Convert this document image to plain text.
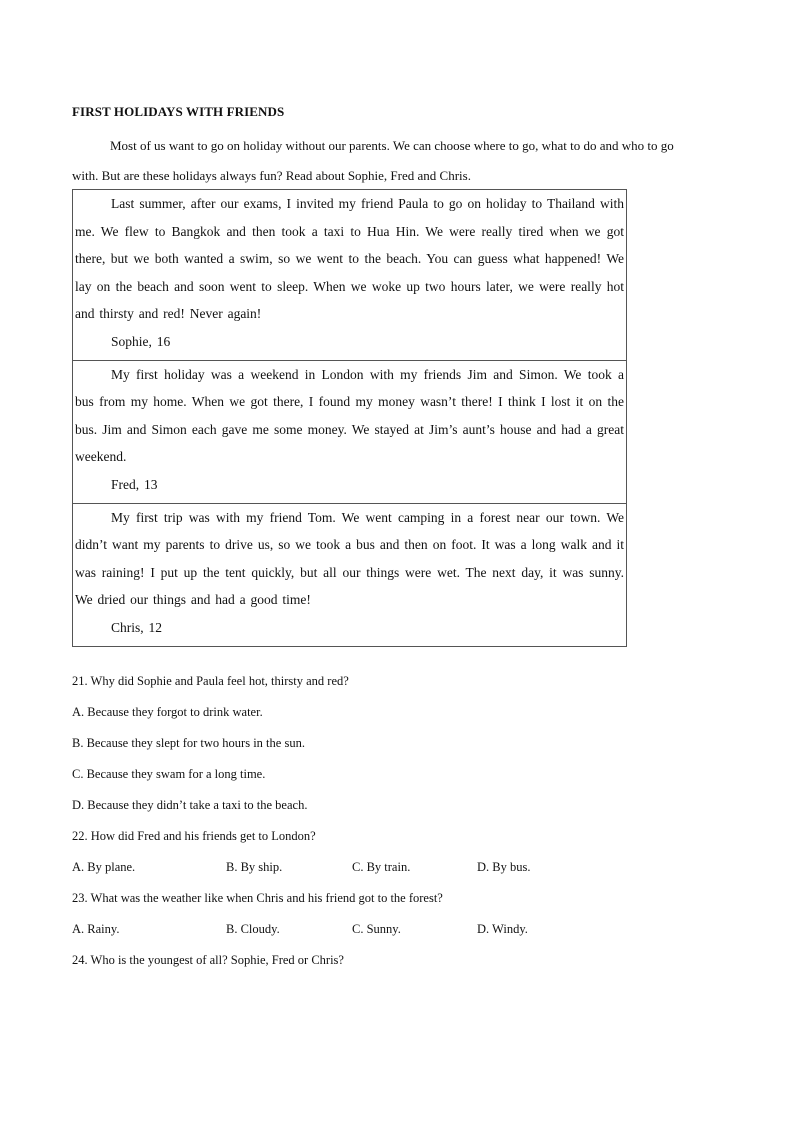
FIRST HOLIDAYS WITH FRIENDS
Most of us want to go on holiday without our parents. We can choose where to go, what to do and who to go
with. But are these holidays always fun? Read about Sophie, Fred and Chris.
Last summer, after our exams, I invited my friend Paula to go on holiday to Thailand with me. We flew to Bangkok and then took a taxi to Hua Hin. We were really tired when we got there, but we both wanted a swim, so we went to the beach. You can guess what happened! We lay on the beach and soon went to sleep. When we woke up two hours later, we were really hot and thirsty and red! Never again!
Sophie, 16
My first holiday was a weekend in London with my friends Jim and Simon. We took a bus from my home. When we got there, I found my money wasn’t there! I think I lost it on the bus. Jim and Simon each gave me some money. We stayed at Jim’s aunt’s house and had a great weekend.
Fred, 13
My first trip was with my friend Tom. We went camping in a forest near our town. We didn’t want my parents to drive us, so we took a bus and then on foot. It was a long walk and it was raining! I put up the tent quickly, but all our things were wet. The next day, it was sunny. We dried our things and had a good time!
Chris, 12
21. Why did Sophie and Paula feel hot, thirsty and red?
A. Because they forgot to drink water.
B. Because they slept for two hours in the sun.
C. Because they swam for a long time.
D. Because they didn’t take a taxi to the beach.
22. How did Fred and his friends get to London?
A. By plane.	B. By ship.	C. By train.	D. By bus.
23. What was the weather like when Chris and his friend got to the forest?
A. Rainy.	B. Cloudy.	C. Sunny.	D. Windy.
24. Who is the youngest of all? Sophie, Fred or Chris?
